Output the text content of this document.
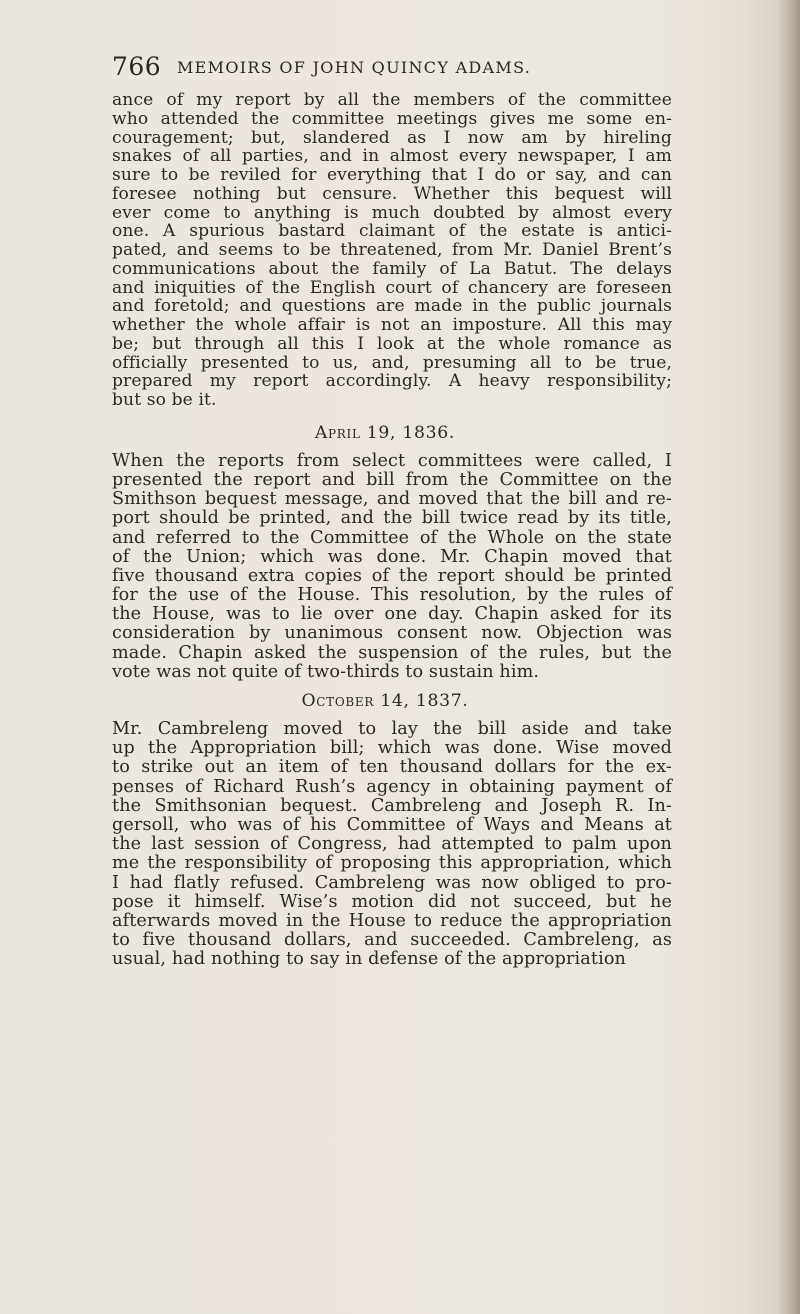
766 MEMOIRS OF JOHN QUINCY ADAMS.
ance of my report by all the members of the committee
who attended the committee meetings gives me some en-
couragement; but, slandered as I now am by hireling
snakes of all parties, and in almost every newspaper, I am
sure to be reviled for everything that I do or say, and can
foresee nothing but censure. Whether this bequest will
ever come to anything is much doubted by almost every
one. A spurious bastard claimant of the estate is antici-
pated, and seems to be threatened, from Mr. Daniel Brent’s
communications about the family of La Batut. The delays
and iniquities of the English court of chancery are foreseen
and foretold; and questions are made in the public journals
whether the whole affair is not an imposture. All this may
be; but through all this I look at the whole romance as
officially presented to us, and, presuming all to be true,
prepared my report accordingly. A heavy responsibility;
but so be it.
April 19, 1836.
When the reports from select committees were called, I
presented the report and bill from the Committee on the
Smithson bequest message, and moved that the bill and re-
port should be printed, and the bill twice read by its title,
and referred to the Committee of the Whole on the state
of the Union; which was done. Mr. Chapin moved that
five thousand extra copies of the report should be printed
for the use of the House. This resolution, by the rules of
the House, was to lie over one day. Chapin asked for its
consideration by unanimous consent now. Objection was
made. Chapin asked the suspension of the rules, but the
vote was not quite of two-thirds to sustain him.
October 14, 1837.
Mr. Cambreleng moved to lay the bill aside and take
up the Appropriation bill; which was done. Wise moved
to strike out an item of ten thousand dollars for the ex-
penses of Richard Rush’s agency in obtaining payment of
the Smithsonian bequest. Cambreleng and Joseph R. In-
gersoll, who was of his Committee of Ways and Means at
the last session of Congress, had attempted to palm upon
me the responsibility of proposing this appropriation, which
I had flatly refused. Cambreleng was now obliged to pro-
pose it himself. Wise’s motion did not succeed, but he
afterwards moved in the House to reduce the appropriation
to five thousand dollars, and succeeded. Cambreleng, as
usual, had nothing to say in defense of the appropriation
